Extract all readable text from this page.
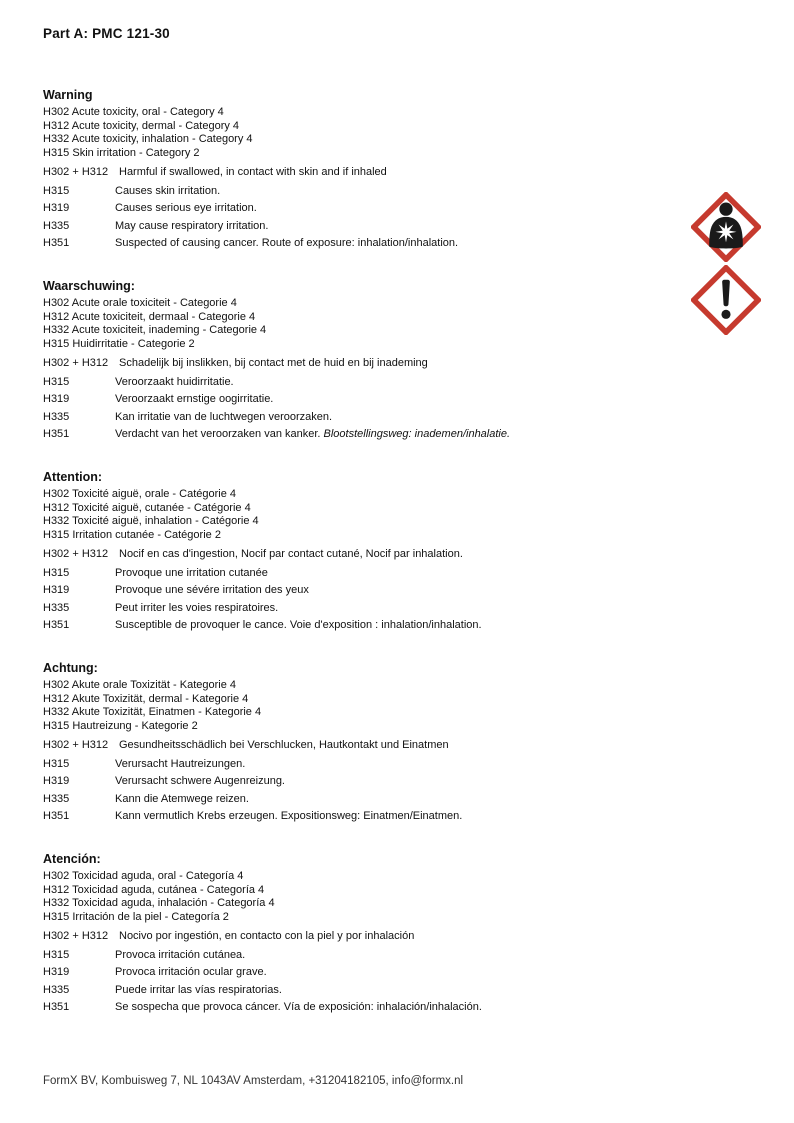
Part A: PMC 121-30
Warning
H302 Acute toxicity, oral - Category 4
H312 Acute toxicity, dermal - Category 4
H332 Acute toxicity, inhalation - Category 4
H315 Skin irritation - Category 2
H302 + H312 Harmful if swallowed, in contact with skin and if inhaled
H315	Causes skin irritation.
H319	Causes serious eye irritation.
H335	May cause respiratory irritation.
H351	Suspected of causing cancer. Route of exposure: inhalation/inhalation.
Waarschuwing:
H302 Acute orale toxiciteit - Categorie 4
H312 Acute toxiciteit, dermaal - Categorie 4
H332 Acute toxiciteit, inademing - Categorie 4
H315 Huidirritatie - Categorie 2
H302 + H312 Schadelijk bij inslikken, bij contact met de huid en bij inademing
H315	Veroorzaakt huidirritatie.
H319	Veroorzaakt ernstige oogirritatie.
H335	Kan irritatie van de luchtwegen veroorzaken.
H351	Verdacht van het veroorzaken van kanker. Blootstellingsweg: inademen/inhalatie.
Attention:
H302 Toxicité aiguë, orale - Catégorie 4
H312 Toxicité aiguë, cutanée - Catégorie 4
H332 Toxicité aiguë, inhalation - Catégorie 4
H315 Irritation cutanée - Catégorie 2
H302 + H312 Nocif en cas d'ingestion, Nocif par contact cutané, Nocif par inhalation.
H315	Provoque une irritation cutanée
H319	Provoque une sévére irritation des yeux
H335	Peut irriter les voies respiratoires.
H351	Susceptible de provoquer le cance. Voie d'exposition : inhalation/inhalation.
Achtung:
H302 Akute orale Toxizität - Kategorie 4
H312 Akute Toxizität, dermal - Kategorie 4
H332 Akute Toxizität, Einatmen - Kategorie 4
H315 Hautreizung - Kategorie 2
H302 + H312 Gesundheitsschädlich bei Verschlucken, Hautkontakt und Einatmen
H315	Verursacht Hautreizungen.
H319	Verursacht schwere Augenreizung.
H335	Kann die Atemwege reizen.
H351	Kann vermutlich Krebs erzeugen. Expositionsweg: Einatmen/Einatmen.
Atención:
H302 Toxicidad aguda, oral - Categoría 4
H312 Toxicidad aguda, cutánea - Categoría 4
H332 Toxicidad aguda, inhalación - Categoría 4
H315 Irritación de la piel - Categoría 2
H302 + H312 Nocivo por ingestión, en contacto con la piel y por inhalación
H315	Provoca irritación cutánea.
H319	Provoca irritación ocular grave.
H335	Puede irritar las vías respiratorias.
H351	Se sospecha que provoca cáncer. Vía de exposición: inhalación/inhalación.
FormX BV, Kombuisweg 7, NL 1043AV Amsterdam, +31204182105, info@formx.nl
